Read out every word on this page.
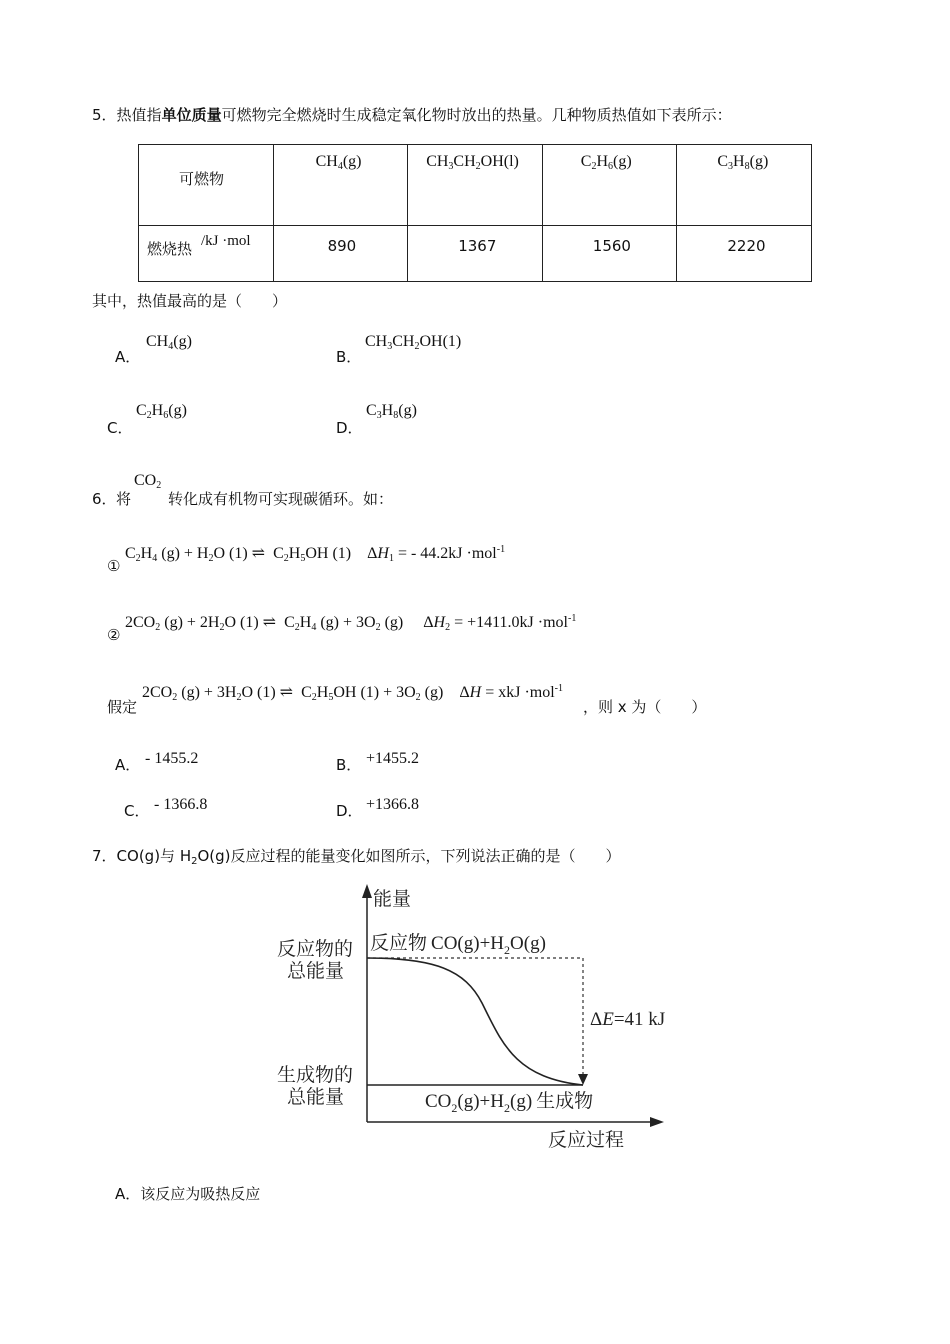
5．热值指单位质量可燃物完全燃烧时生成稳定氧化物时放出的热量。几种物质热值如下表所示：
可燃物	$CH_4(g)$	$CH_3CH_2OH(l)$	$C_2H_6(g)$	$C_3H_8(g)$

燃烧热 /kJ ·mol	890	1367	1560	2220
其中，热值最高的是（　　）
A．
$CH_4(g)$
B．
$CH_3CH_2OH(1)$
C．
$C_2H_6(g)$
D．
$C_3H_8(g)$
6． 将
$CO_2$
转化成有机物可实现碳循环。如：
①
$C_2H_4$ $(g) + H_2O$ (1) ⇌  $C_2H_5OH$ (1)    $\Delta H_1$ = - 44.2kJ ·mol$^{-1}$
②
$2CO_2$ $(g) + 2H_2O$ (1) ⇌  $C_2H_4$ $(g) + 3O_2$ (g)     $\Delta H_2 = +1411.0kJ \cdot mol^{-1}$
假定
$2CO_2$ $(g) + 3H_2O$ (1) ⇌  $C_2H_5OH$ $(1) + 3O_2$ (g)    ΔH = xkJ ·mol$^{-1}$
，则 x 为（　　）
A． - 1455.2	B． +1455.2
C． - 1366.8	D． +1366.8
7．CO(g)与 $H_2O(g)$反应过程的能量变化如图所示，下列说法正确的是（　　）
能量
反应过程
反应物的
总能量
生成物的
总能量
反应物 $CO(g)+H_2O(g)$
$CO_2(g)+H_2(g)$ 生成物
ΔE=41 kJ
A．该反应为吸热反应
